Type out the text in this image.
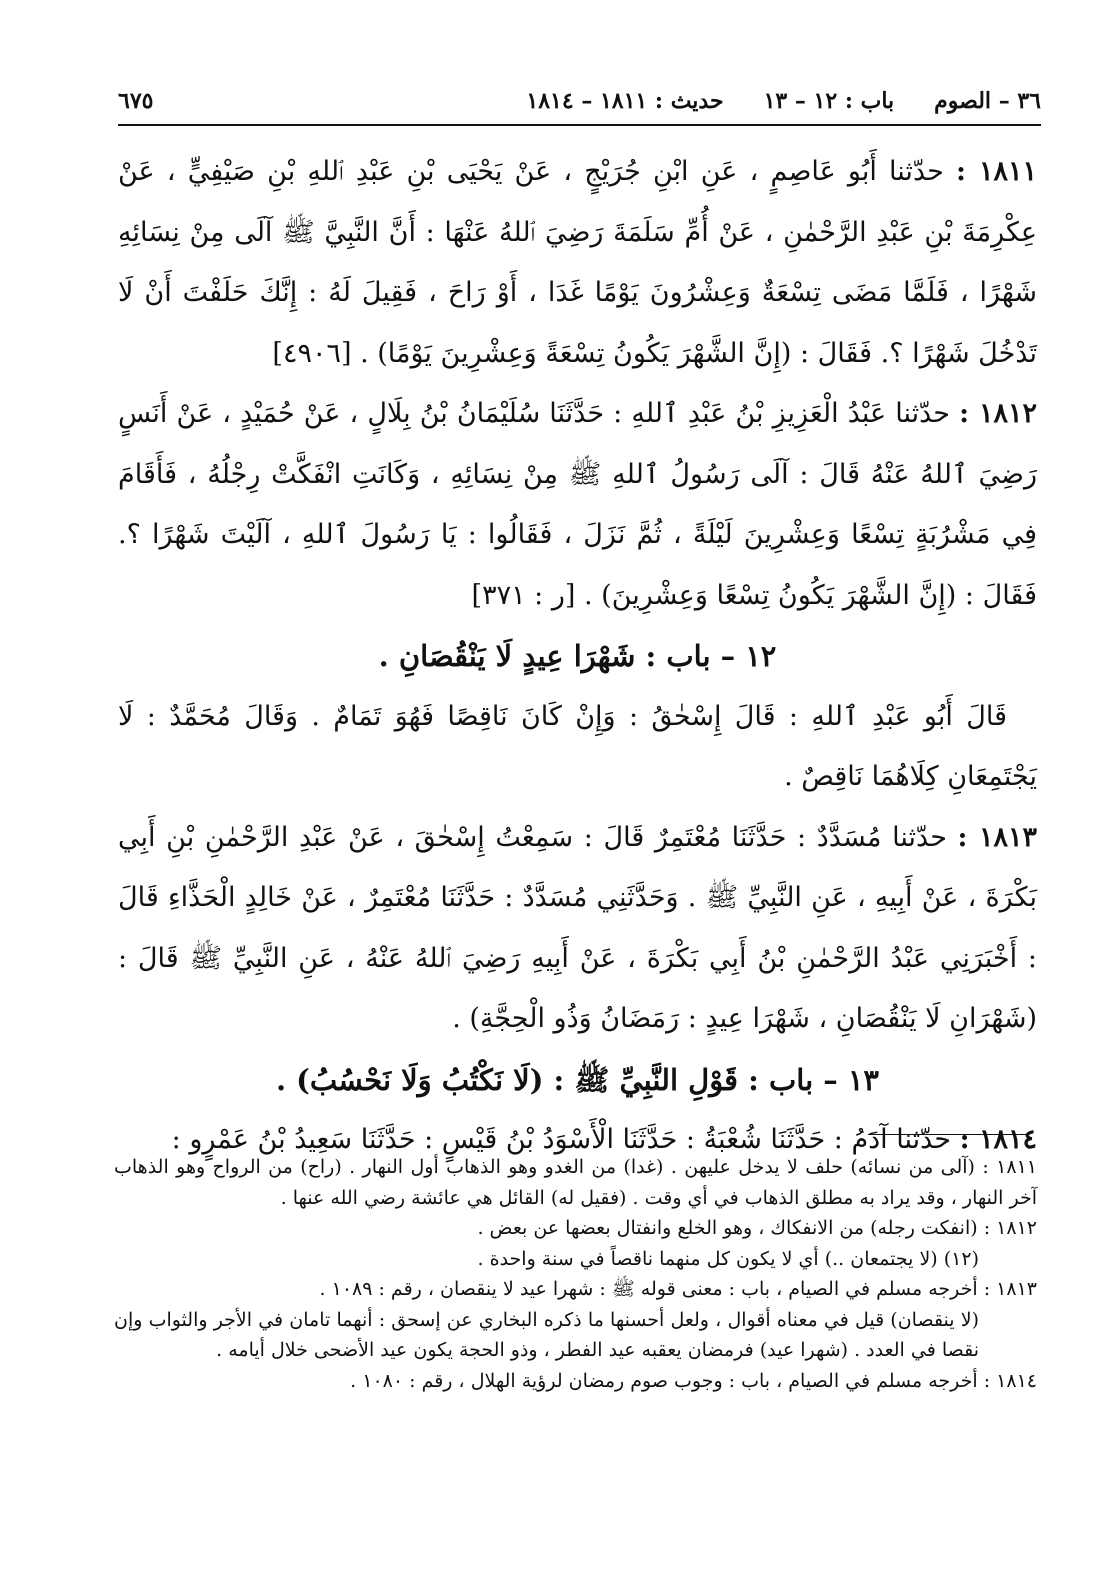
٣٦ – الصوم
باب : ١٢ – ١٣
حديث : ١٨١١ – ١٨١٤
٦٧٥

١٨١١ : حدّثنا أَبُو عَاصِمٍ ، عَنِ ابْنِ جُرَيْجٍ ، عَنْ يَحْيَى بْنِ عَبْدِ ٱللهِ بْنِ صَيْفِيٍّ ، عَنْ عِكْرِمَةَ بْنِ عَبْدِ الرَّحْمٰنِ ، عَنْ أُمِّ سَلَمَةَ رَضِيَ ٱللهُ عَنْهَا : أَنَّ النَّبِيَّ ﷺ آلَى مِنْ نِسَائِهِ شَهْرًا ، فَلَمَّا مَضَى تِسْعَةٌ وَعِشْرُونَ يَوْمًا غَدَا ، أَوْ رَاحَ ، فَقِيلَ لَهُ : إِنَّكَ حَلَفْتَ أَنْ لَا تَدْخُلَ شَهْرًا ؟. فَقَالَ : (إِنَّ الشَّهْرَ يَكُونُ تِسْعَةً وَعِشْرِينَ يَوْمًا) . [٤٩٠٦]

١٨١٢ : حدّثنا عَبْدُ الْعَزِيزِ بْنُ عَبْدِ ٱللهِ : حَدَّثَنَا سُلَيْمَانُ بْنُ بِلَالٍ ، عَنْ حُمَيْدٍ ، عَنْ أَنَسٍ رَضِيَ ٱللهُ عَنْهُ قَالَ : آلَى رَسُولُ ٱللهِ ﷺ مِنْ نِسَائِهِ ، وَكَانَتِ انْفَكَّتْ رِجْلُهُ ، فَأَقَامَ فِي مَشْرُبَةٍ تِسْعًا وَعِشْرِينَ لَيْلَةً ، ثُمَّ نَزَلَ ، فَقَالُوا : يَا رَسُولَ ٱللهِ ، آلَيْتَ شَهْرًا ؟. فَقَالَ : (إِنَّ الشَّهْرَ يَكُونُ تِسْعًا وَعِشْرِينَ) . [ر : ٣٧١]

١٢ – باب : شَهْرَا عِيدٍ لَا يَنْقُصَانِ .

قَالَ أَبُو عَبْدِ ٱللهِ : قَالَ إِسْحٰقُ : وَإِنْ كَانَ نَاقِصًا فَهُوَ تَمَامٌ . وَقَالَ مُحَمَّدٌ : لَا يَجْتَمِعَانِ كِلَاهُمَا نَاقِصٌ .

١٨١٣ : حدّثنا مُسَدَّدٌ : حَدَّثَنَا مُعْتَمِرٌ قَالَ : سَمِعْتُ إِسْحٰقَ ، عَنْ عَبْدِ الرَّحْمٰنِ بْنِ أَبِي بَكْرَةَ ، عَنْ أَبِيهِ ، عَنِ النَّبِيِّ ﷺ . وَحَدَّثَنِي مُسَدَّدٌ : حَدَّثَنَا مُعْتَمِرٌ ، عَنْ خَالِدٍ الْحَذَّاءِ قَالَ : أَخْبَرَنِي عَبْدُ الرَّحْمٰنِ بْنُ أَبِي بَكْرَةَ ، عَنْ أَبِيهِ رَضِيَ ٱللهُ عَنْهُ ، عَنِ النَّبِيِّ ﷺ قَالَ : (شَهْرَانِ لَا يَنْقُصَانِ ، شَهْرَا عِيدٍ : رَمَضَانُ وَذُو الْحِجَّةِ) .

١٣ – باب : قَوْلِ النَّبِيِّ ﷺ : (لَا نَكْتُبُ وَلَا نَحْسُبُ) .

١٨١٤ : حدّثنا آدَمُ : حَدَّثَنَا شُعْبَةُ : حَدَّثَنَا الْأَسْوَدُ بْنُ قَيْسٍ : حَدَّثَنَا سَعِيدُ بْنُ عَمْرٍو :

١٨١١ : (آلى من نسائه) حلف لا يدخل عليهن . (غدا) من الغدو وهو الذهاب أول النهار . (راح) من الرواح وهو الذهاب آخر النهار ، وقد يراد به مطلق الذهاب في أي وقت . (فقيل له) القائل هي عائشة رضي الله عنها .

١٨١٢ : (انفكت رجله) من الانفكاك ، وهو الخلع وانفتال بعضها عن بعض .

(١٢) (لا يجتمعان ..) أي لا يكون كل منهما ناقصاً في سنة واحدة .

١٨١٣ : أخرجه مسلم في الصيام ، باب : معنى قوله ﷺ : شهرا عيد لا ينقصان ، رقم : ١٠٨٩ .

(لا ينقصان) قيل في معناه أقوال ، ولعل أحسنها ما ذكره البخاري عن إسحق : أنهما تامان في الأجر والثواب وإن نقصا في العدد . (شهرا عيد) فرمضان يعقبه عيد الفطر ، وذو الحجة يكون عيد الأضحى خلال أيامه .

١٨١٤ : أخرجه مسلم في الصيام ، باب : وجوب صوم رمضان لرؤية الهلال ، رقم : ١٠٨٠ .
